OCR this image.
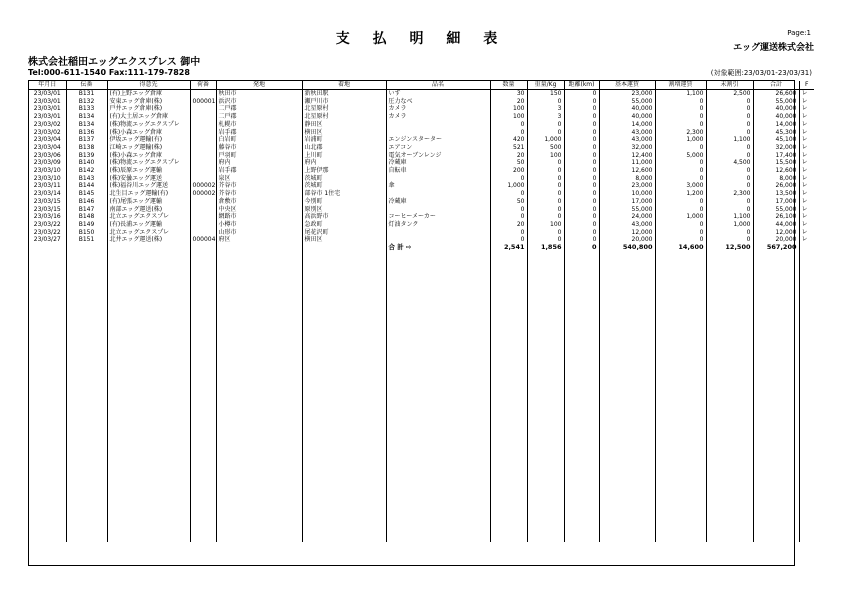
支 払 明 細 表	Page:1
エッグ運送株式会社
株式会社稲田エッグエクスプレス 御中
Tel:000-611-1540 Fax:111-179-7828	(対象範囲:23/03/01-23/03/31)
年月日	伝番	得意先	荷番	発地	着地	品名	数量	重量/Kg	距離(km)	基本運賃	割増運賃	未割引	合計	F
23/03/01	B131	(有)上野エッグ倉庫		秋田市	新秋田駅	いす	30	150	0	23,000	1,100	2,500	26,600	レ
23/03/01	B132	安東エッグ倉庫(株)	000001	浜沢市	瀬戸川市	圧力なべ	20	0	0	55,000	0	0	55,000	レ
23/03/01	B133	戸井エッグ倉庫(株)		二戸郡	北星原村	カメラ	100	3	0	40,000	0	0	40,000	レ
23/03/01	B134	(有)大土居エッグ倉庫		二戸郡	北星原村	カメラ	100	3	0	40,000	0	0	40,000	レ
23/03/02	B134	(株)物流エッグエクスプレ		札幌市	静田区		0	0	0	14,000	0	0	14,000	レ
23/03/02	B136	(株)小森エッグ倉庫		岩手郡	横田区		0	0	0	43,000	2,300	0	45,300	レ
23/03/04	B137	伊坂エッグ運輸(有)		白岩町	岩浦町	エンジンスターター	420	1,000	0	43,000	1,000	1,100	45,100	レ
23/03/04	B138	江崎エッグ運輸(株)		藤谷市	山北郡	エアコン	521	500	0	32,000	0	0	32,000	レ
23/03/06	B139	(株)小森エッグ倉庫		戸羽町	上川町	電気オーブンレンジ	20	100	0	12,400	5,000	0	17,400	レ
23/03/09	B140	(株)物流エッグエクスプレ		府内	府内	冷蔵庫	50	0	0	11,000	0	4,500	15,500	レ
23/03/10	B142	(株)辰原エッグ運輸		岩手郡	上野伊那	自転車	200	0	0	12,600	0	0	12,600	レ
23/03/10	B143	(株)安曇エッグ運送		泉区	茨城町		0	0	0	8,000	0	0	8,000	レ
23/03/11	B144	(株)福谷川エッグ運送	000002	芥谷市	茨城町	傘	1,000	0	0	23,000	3,000	0	26,000	レ
23/03/14	B145	北生目エッグ運輸(有)	000002	芥谷市	部谷市 1住宅		0	0	0	10,000	1,200	2,300	13,500	レ
23/03/15	B146	(有)尾張エッグ運輸		倉敷市	今別町	冷蔵庫	50	0	0	17,000	0	0	17,000	レ
23/03/15	B147	南部エッグ運送(株)		中央区	原別区		0	0	0	55,000	0	0	55,000	レ
23/03/16	B148	北立エッグエクスプレ		網路市	高浜野市	コーヒーメーカー	0	0	0	24,000	1,000	1,100	26,100	レ
23/03/22	B149	(有)長浦エッグ運輸		小樽市	急政町	灯油タンク	20	100	0	43,000	0	1,000	44,000	レ
23/03/22	B150	北立エッグエクスプレ		山形市	尾花沢町		0	0	0	12,000	0	0	12,000	レ
23/03/27	B151	北井エッグ運送(株)	000004	府区	横田区		0	0	0	20,000	0	0	20,000	レ
						合 計 ⇨	2,541	1,856	0	540,800	14,600	12,500	567,200	
